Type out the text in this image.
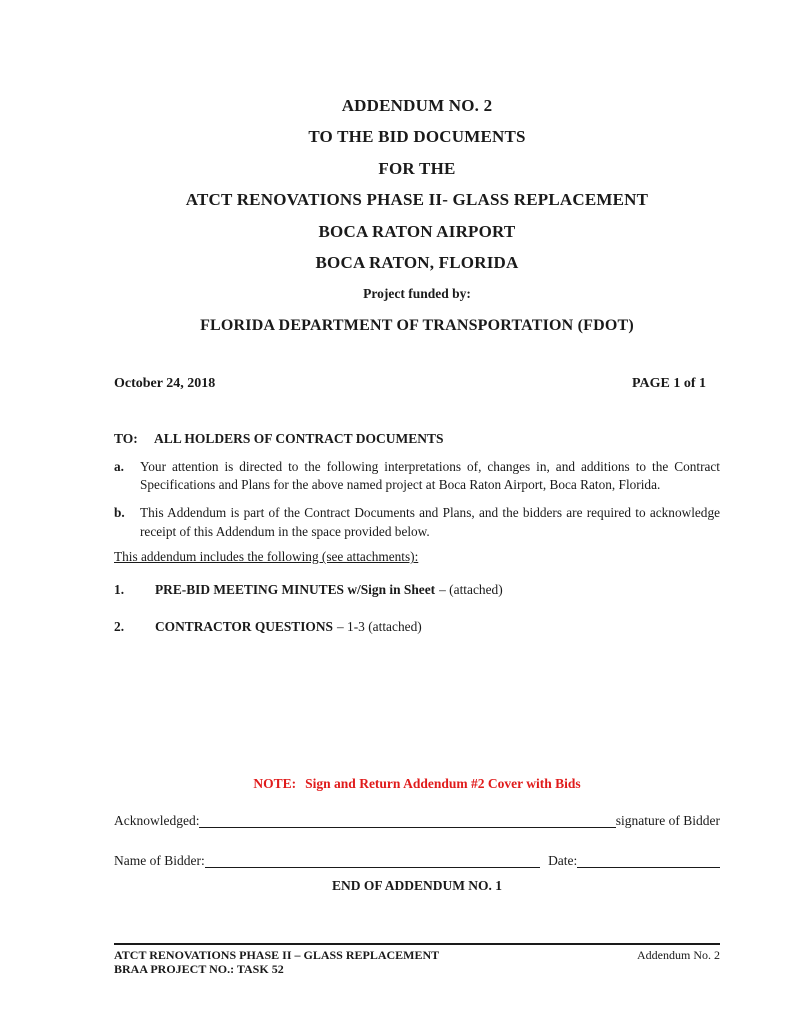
ADDENDUM NO. 2
TO THE BID DOCUMENTS
FOR THE
ATCT RENOVATIONS PHASE II- GLASS REPLACEMENT
BOCA RATON AIRPORT
BOCA RATON, FLORIDA
Project funded by:
FLORIDA DEPARTMENT OF TRANSPORTATION (FDOT)
October 24, 2018	PAGE 1 of 1
TO:	ALL HOLDERS OF CONTRACT DOCUMENTS
a.	Your attention is directed to the following interpretations of, changes in, and additions to the Contract Specifications and Plans for the above named project at Boca Raton Airport, Boca Raton, Florida.
b.	This Addendum is part of the Contract Documents and Plans, and the bidders are required to acknowledge receipt of this Addendum in the space provided below.
This addendum includes the following (see attachments):
1.	PRE-BID MEETING MINUTES w/Sign in Sheet – (attached)
2.	CONTRACTOR QUESTIONS – 1-3 (attached)
NOTE: Sign and Return Addendum #2 Cover with Bids
Acknowledged:	signature of Bidder
Name of Bidder:	Date:
END OF ADDENDUM NO. 1
ATCT RENOVATIONS PHASE II – GLASS REPLACEMENT	Addendum No. 2
BRAA PROJECT NO.: TASK 52
